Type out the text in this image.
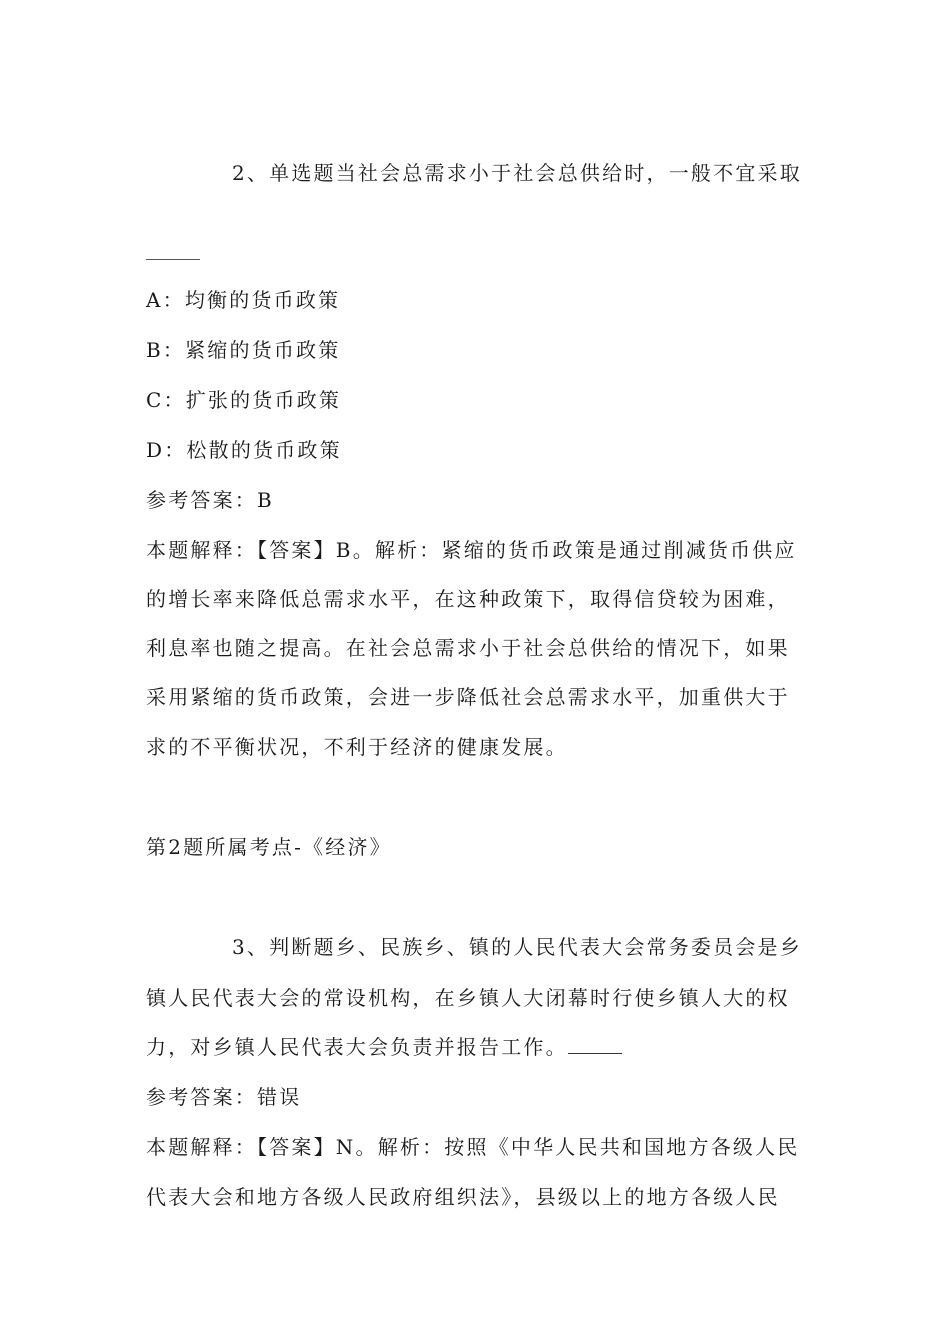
2、单选题当社会总需求小于社会总供给时，一般不宜采取
A：均衡的货币政策
B：紧缩的货币政策
C：扩张的货币政策
D：松散的货币政策
参考答案：B
本题解释：【答案】B。解析：紧缩的货币政策是通过削减货币供应
的增长率来降低总需求水平，在这种政策下，取得信贷较为困难，
利息率也随之提高。在社会总需求小于社会总供给的情况下，如果
采用紧缩的货币政策，会进一步降低社会总需求水平，加重供大于
求的不平衡状况，不利于经济的健康发展。
第2题所属考点-《经济》
3、判断题乡、民族乡、镇的人民代表大会常务委员会是乡
镇人民代表大会的常设机构，在乡镇人大闭幕时行使乡镇人大的权
力，对乡镇人民代表大会负责并报告工作。
参考答案：错误
本题解释：【答案】N。解析：按照《中华人民共和国地方各级人民
代表大会和地方各级人民政府组织法》，县级以上的地方各级人民
